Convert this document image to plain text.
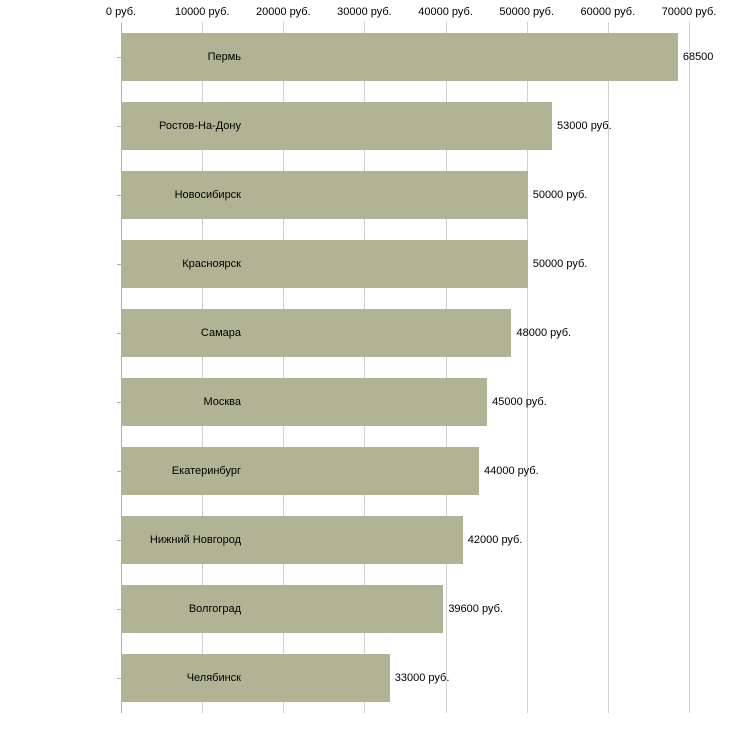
0 руб.	10000 руб. 20000 руб. 30000 руб. 40000 руб. 50000 руб. 60000 руб. 70000 руб.
68500
53000 руб.
50000 руб.
50000 руб.
48000 руб.
45000 руб.
44000 руб.
42000 руб.
39600 руб.
33000 руб.
Пермь
Ростов-На-Дону
Новосибирск
Красноярск
Самара
Москва
Екатеринбург
Нижний Новгород
Волгоград
Челябинск
